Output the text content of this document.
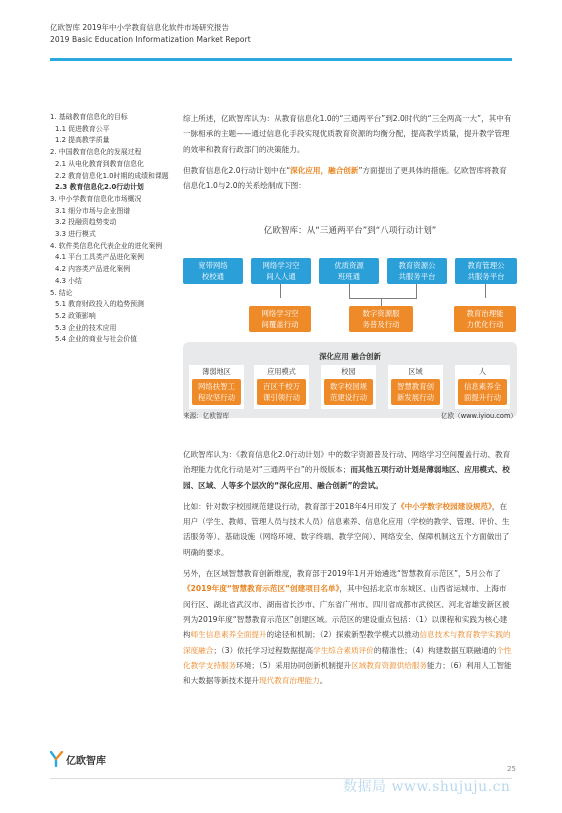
亿欧智库 2019年中小学教育信息化软件市场研究报告
2019 Basic Education Informatization Market Report
1. 基础教育信息化的目标
1.1 促进教育公平
1.2 提高教学质量
2. 中国教育信息化的发展过程
2.1 从电化教育到教育信息化
2.2 教育信息化1.0时期的成绩和课题
2.3 教育信息化2.0行动计划
3. 中小学教育信息化市场概况
3.1 细分市场与企业图谱
3.2 投融资趋势变动
3.3 进行模式
4. 软件类信息化代表企业的进化案例
4.1 平台工具类产品进化案例
4.2 内容类产品进化案例
4.3 小结
5. 结论
5.1 教育财政投入的趋势预测
5.2 政策影响
5.3 企业的技术应用
5.4 企业的商业与社会价值

综上所述，亿欧智库认为：从教育信息化1.0的“三通两平台”到2.0时代的“三全两高一大”，其中有一脉相承的主题——通过信息化手段实现优质教育资源的均衡分配，提高教学质量，提升教学管理的效率和教育行政部门的决策能力。

但教育信息化2.0行动计划中在“深化应用，融合创新”方面提出了更具体的措施。亿欧智库将教育信息化1.0与2.0的关系绘制成下图：

亿欧智库：从“三通两平台”到“八项行动计划”
宽带网络
校校通
网络学习空
间人人通
优质资源
班班通
教育资源公
共服务平台
教育管理公
共服务平台
网络学习空
间覆盖行动
数字资源服
务普及行动
教育治理能
力优化行动
深化应用 融合创新
薄弱地区	应用模式	校园	区域	人
网络扶智工
程攻坚行动
百区千校万
课引领行动
数字校园规
范建设行动
智慧教育创
新发展行动
信息素养全
面提升行动
来源：亿欧智库	亿欧（www.iyiou.com）

亿欧智库认为：《教育信息化2.0行动计划》中的数字资源普及行动、网络学习空间覆盖行动、教育治理能力优化行动是对“三通两平台”的升级版本；而其他五项行动计划是薄弱地区、应用模式、校园、区域、人等多个层次的“深化应用、融合创新”的尝试。

比如：针对数字校园规范建设行动，教育部于2018年4月印发了《中小学数字校园建设规范》，在用户（学生、教师、管理人员与技术人员）信息素养、信息化应用（学校的教学、管理、评价、生活服务等）、基础设施（网络环境、数字终端、教学空间）、网络安全、保障机制这五个方面做出了明确的要求。

另外，在区域智慧教育创新维度，教育部于2019年1月开始遴选“智慧教育示范区”，5月公布了《2019年度“智慧教育示范区”创建项目名单》，其中包括北京市东城区、山西省运城市、上海市闵行区、湖北省武汉市、湖南省长沙市、广东省广州市、四川省成都市武侯区、河北省雄安新区被列为2019年度“智慧教育示范区”创建区域。示范区的建设重点包括：（1）以课程和实践为核心建构师生信息素养全面提升的途径和机制；（2）探索新型教学模式以推动信息技术与教育教学实践的深度融合；（3）依托学习过程数据提高学生综合素质评价的精准性；（4）构建数据互联融通的个性化教学支持服务环境；（5）采用协同创新机制提升区域教育资源供给服务能力；（6）利用人工智能和大数据等新技术提升现代教育治理能力。

亿欧智库
25
数据局 www.shujuju.cn
